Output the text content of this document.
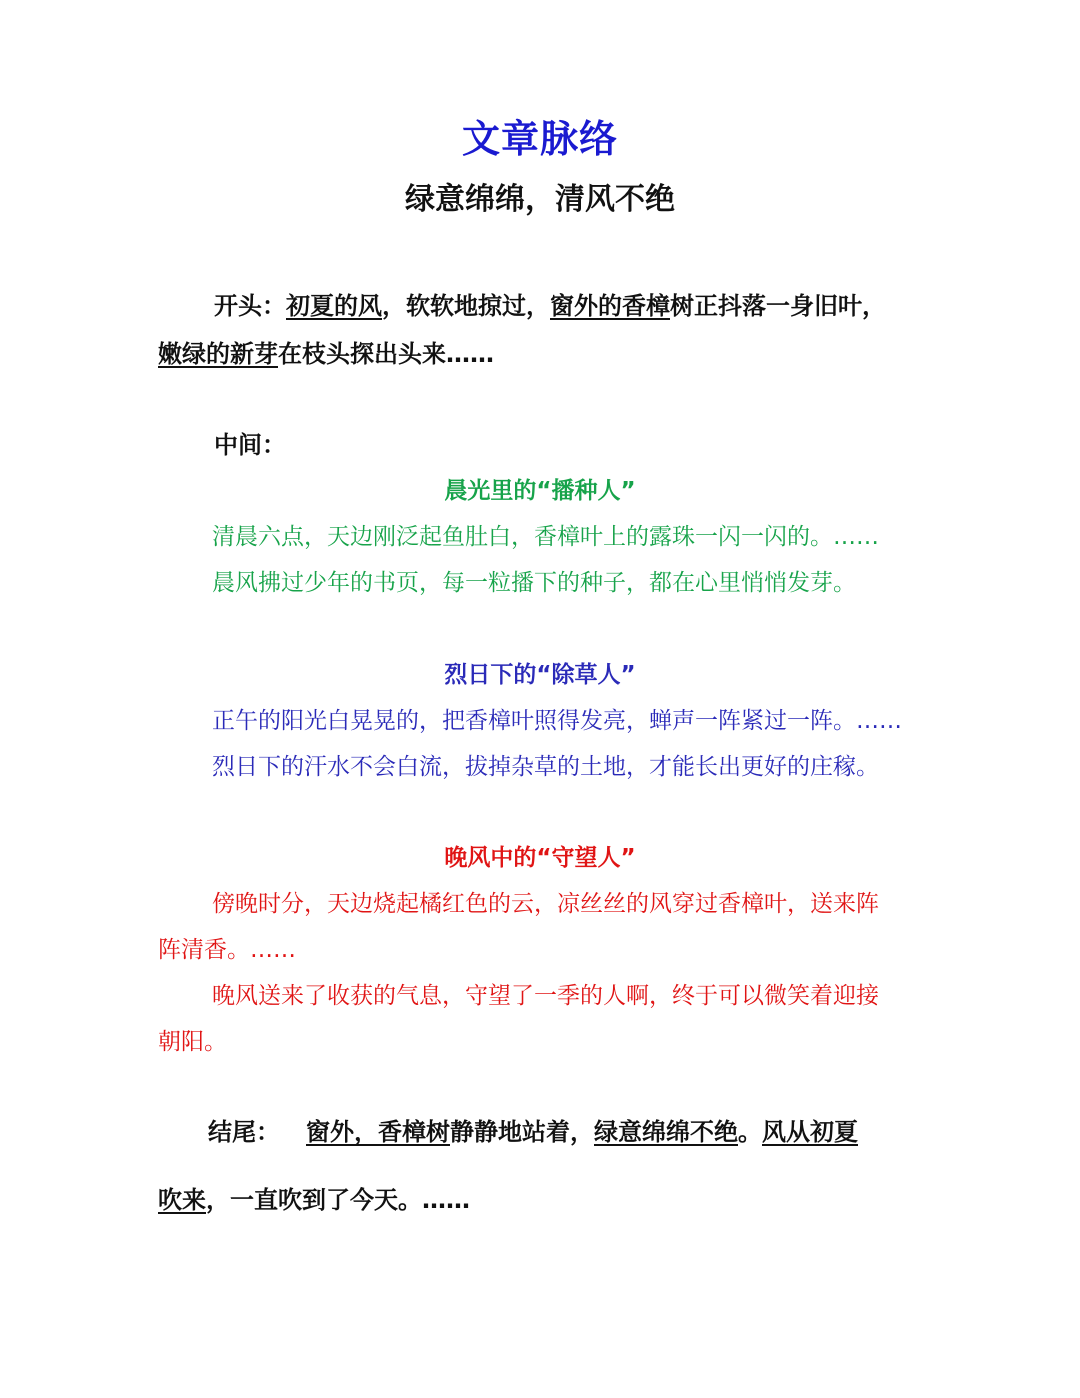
文章脉络
绿意绵绵，清风不绝
开头：初夏的风，软软地掠过，窗外的香樟树正抖落一身旧叶，
嫩绿的新芽在枝头探出头来……
中间：
晨光里的“播种人”
清晨六点，天边刚泛起鱼肚白，香樟叶上的露珠一闪一闪的。……
晨风拂过少年的书页，每一粒播下的种子，都在心里悄悄发芽。
烈日下的“除草人”
正午的阳光白晃晃的，把香樟叶照得发亮，蝉声一阵紧过一阵。……
烈日下的汗水不会白流，拔掉杂草的土地，才能长出更好的庄稼。
晚风中的“守望人”
傍晚时分，天边烧起橘红色的云，凉丝丝的风穿过香樟叶，送来阵
阵清香。……
晚风送来了收获的气息，守望了一季的人啊，终于可以微笑着迎接
朝阳。
结尾： 窗外，香樟树静静地站着，绿意绵绵不绝。风从初夏
吹来，一直吹到了今天。……
